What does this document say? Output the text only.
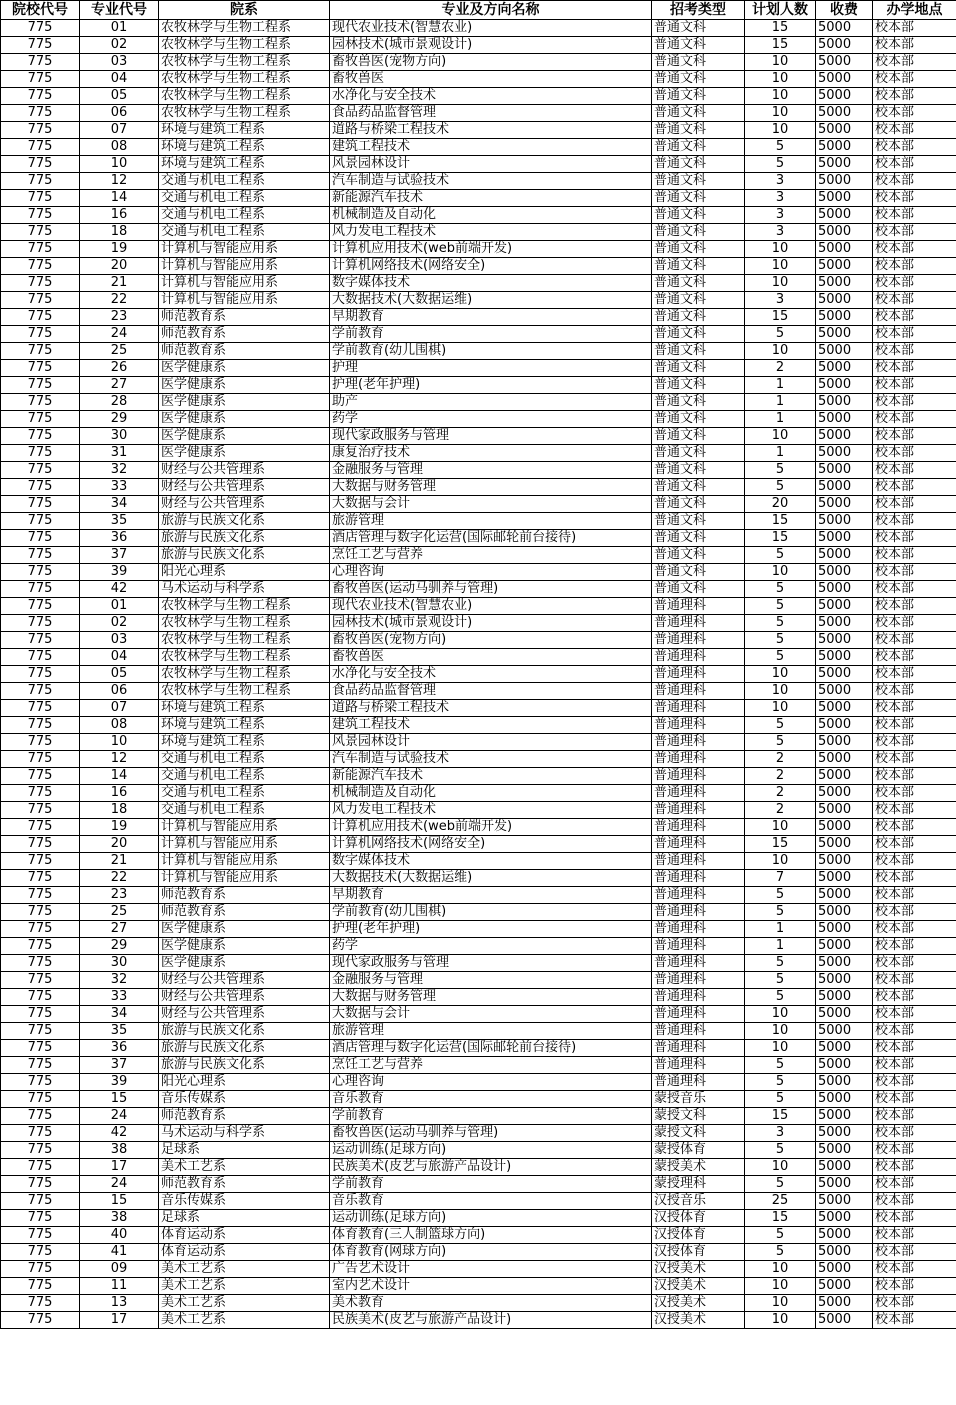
院校代号	专业代号	院系	专业及方向名称	招考类型	计划人数	收费	办学地点
775	01	农牧林学与生物工程系	现代农业技术(智慧农业)	普通文科	15	5000	校本部
775	02	农牧林学与生物工程系	园林技术(城市景观设计)	普通文科	15	5000	校本部
775	03	农牧林学与生物工程系	畜牧兽医(宠物方向)	普通文科	10	5000	校本部
775	04	农牧林学与生物工程系	畜牧兽医	普通文科	10	5000	校本部
775	05	农牧林学与生物工程系	水净化与安全技术	普通文科	10	5000	校本部
775	06	农牧林学与生物工程系	食品药品监督管理	普通文科	10	5000	校本部
775	07	环境与建筑工程系	道路与桥梁工程技术	普通文科	10	5000	校本部
775	08	环境与建筑工程系	建筑工程技术	普通文科	5	5000	校本部
775	10	环境与建筑工程系	风景园林设计	普通文科	5	5000	校本部
775	12	交通与机电工程系	汽车制造与试验技术	普通文科	3	5000	校本部
775	14	交通与机电工程系	新能源汽车技术	普通文科	3	5000	校本部
775	16	交通与机电工程系	机械制造及自动化	普通文科	3	5000	校本部
775	18	交通与机电工程系	风力发电工程技术	普通文科	3	5000	校本部
775	19	计算机与智能应用系	计算机应用技术(web前端开发)	普通文科	10	5000	校本部
775	20	计算机与智能应用系	计算机网络技术(网络安全)	普通文科	10	5000	校本部
775	21	计算机与智能应用系	数字媒体技术	普通文科	10	5000	校本部
775	22	计算机与智能应用系	大数据技术(大数据运维)	普通文科	3	5000	校本部
775	23	师范教育系	早期教育	普通文科	15	5000	校本部
775	24	师范教育系	学前教育	普通文科	5	5000	校本部
775	25	师范教育系	学前教育(幼儿围棋)	普通文科	10	5000	校本部
775	26	医学健康系	护理	普通文科	2	5000	校本部
775	27	医学健康系	护理(老年护理)	普通文科	1	5000	校本部
775	28	医学健康系	助产	普通文科	1	5000	校本部
775	29	医学健康系	药学	普通文科	1	5000	校本部
775	30	医学健康系	现代家政服务与管理	普通文科	10	5000	校本部
775	31	医学健康系	康复治疗技术	普通文科	1	5000	校本部
775	32	财经与公共管理系	金融服务与管理	普通文科	5	5000	校本部
775	33	财经与公共管理系	大数据与财务管理	普通文科	5	5000	校本部
775	34	财经与公共管理系	大数据与会计	普通文科	20	5000	校本部
775	35	旅游与民族文化系	旅游管理	普通文科	15	5000	校本部
775	36	旅游与民族文化系	酒店管理与数字化运营(国际邮轮前台接待)	普通文科	15	5000	校本部
775	37	旅游与民族文化系	烹饪工艺与营养	普通文科	5	5000	校本部
775	39	阳光心理系	心理咨询	普通文科	10	5000	校本部
775	42	马术运动与科学系	畜牧兽医(运动马驯养与管理)	普通文科	5	5000	校本部
775	01	农牧林学与生物工程系	现代农业技术(智慧农业)	普通理科	5	5000	校本部
775	02	农牧林学与生物工程系	园林技术(城市景观设计)	普通理科	5	5000	校本部
775	03	农牧林学与生物工程系	畜牧兽医(宠物方向)	普通理科	5	5000	校本部
775	04	农牧林学与生物工程系	畜牧兽医	普通理科	5	5000	校本部
775	05	农牧林学与生物工程系	水净化与安全技术	普通理科	10	5000	校本部
775	06	农牧林学与生物工程系	食品药品监督管理	普通理科	10	5000	校本部
775	07	环境与建筑工程系	道路与桥梁工程技术	普通理科	10	5000	校本部
775	08	环境与建筑工程系	建筑工程技术	普通理科	5	5000	校本部
775	10	环境与建筑工程系	风景园林设计	普通理科	5	5000	校本部
775	12	交通与机电工程系	汽车制造与试验技术	普通理科	2	5000	校本部
775	14	交通与机电工程系	新能源汽车技术	普通理科	2	5000	校本部
775	16	交通与机电工程系	机械制造及自动化	普通理科	2	5000	校本部
775	18	交通与机电工程系	风力发电工程技术	普通理科	2	5000	校本部
775	19	计算机与智能应用系	计算机应用技术(web前端开发)	普通理科	10	5000	校本部
775	20	计算机与智能应用系	计算机网络技术(网络安全)	普通理科	15	5000	校本部
775	21	计算机与智能应用系	数字媒体技术	普通理科	10	5000	校本部
775	22	计算机与智能应用系	大数据技术(大数据运维)	普通理科	7	5000	校本部
775	23	师范教育系	早期教育	普通理科	5	5000	校本部
775	25	师范教育系	学前教育(幼儿围棋)	普通理科	5	5000	校本部
775	27	医学健康系	护理(老年护理)	普通理科	1	5000	校本部
775	29	医学健康系	药学	普通理科	1	5000	校本部
775	30	医学健康系	现代家政服务与管理	普通理科	5	5000	校本部
775	32	财经与公共管理系	金融服务与管理	普通理科	5	5000	校本部
775	33	财经与公共管理系	大数据与财务管理	普通理科	5	5000	校本部
775	34	财经与公共管理系	大数据与会计	普通理科	10	5000	校本部
775	35	旅游与民族文化系	旅游管理	普通理科	10	5000	校本部
775	36	旅游与民族文化系	酒店管理与数字化运营(国际邮轮前台接待)	普通理科	10	5000	校本部
775	37	旅游与民族文化系	烹饪工艺与营养	普通理科	5	5000	校本部
775	39	阳光心理系	心理咨询	普通理科	5	5000	校本部
775	15	音乐传媒系	音乐教育	蒙授音乐	5	5000	校本部
775	24	师范教育系	学前教育	蒙授文科	15	5000	校本部
775	42	马术运动与科学系	畜牧兽医(运动马驯养与管理)	蒙授文科	3	5000	校本部
775	38	足球系	运动训练(足球方向)	蒙授体育	5	5000	校本部
775	17	美术工艺系	民族美术(皮艺与旅游产品设计)	蒙授美术	10	5000	校本部
775	24	师范教育系	学前教育	蒙授理科	5	5000	校本部
775	15	音乐传媒系	音乐教育	汉授音乐	25	5000	校本部
775	38	足球系	运动训练(足球方向)	汉授体育	15	5000	校本部
775	40	体育运动系	体育教育(三人制篮球方向)	汉授体育	5	5000	校本部
775	41	体育运动系	体育教育(网球方向)	汉授体育	5	5000	校本部
775	09	美术工艺系	广告艺术设计	汉授美术	10	5000	校本部
775	11	美术工艺系	室内艺术设计	汉授美术	10	5000	校本部
775	13	美术工艺系	美术教育	汉授美术	10	5000	校本部
775	17	美术工艺系	民族美术(皮艺与旅游产品设计)	汉授美术	10	5000	校本部
